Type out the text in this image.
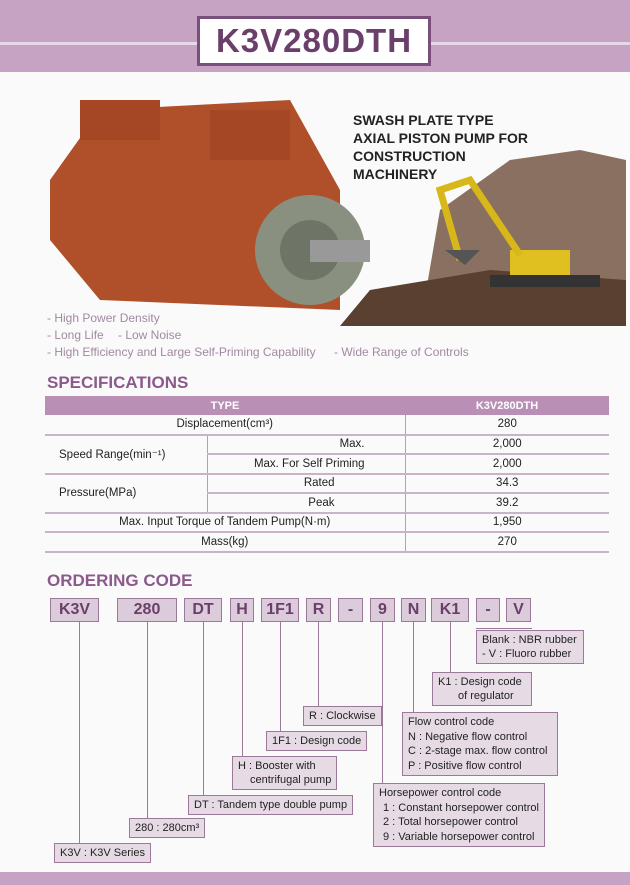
K3V280DTH
SWASH PLATE TYPE
AXIAL PISTON PUMP FOR
CONSTRUCTION
MACHINERY
- High Power Density
- Long Life - Low Noise
- High Efficiency and Large Self-Priming Capability - Wide Range of Controls
SPECIFICATIONS
TYPE		K3V280DTH
Displacement(cm³)		280
Speed Range(min⁻¹)	Max.	2,000
	Max. For Self Priming	2,000
Pressure(MPa)	Rated	34.3
	Peak	39.2
Max. Input Torque of Tandem Pump(N·m)		1,950
Mass(kg)		270
ORDERING CODE
K3V	280	DT	H	1F1	R	-	9	N	K1	-	V
Blank : NBR rubber
- V : Fluoro rubber
K1 : Design code
of regulator
Flow control code
N : Negative flow control
C : 2-stage max. flow control
P : Positive flow control
R : Clockwise
1F1 : Design code
H : Booster with
centrifugal pump
DT : Tandem type double pump
Horsepower control code
1 : Constant horsepower control
2 : Total horsepower control
9 : Variable horsepower control
280 : 280cm³
K3V : K3V Series
